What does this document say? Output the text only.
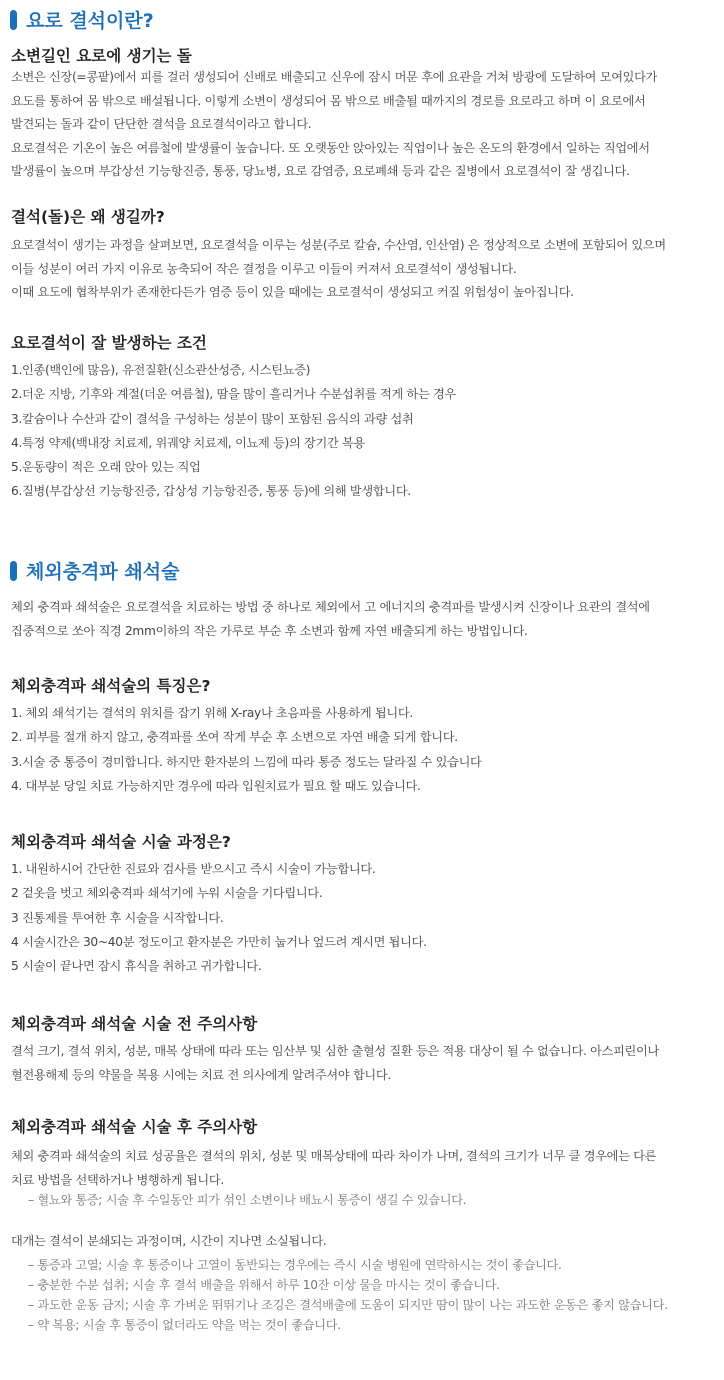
요로 결석이란?
소변길인 요로에 생기는 돌

소변은 신장(=콩팥)에서 피를 걸러 생성되어 신배로 배출되고 신우에 잠시 머문 후에 요관을 거쳐 방광에 도달하여 모여있다가

요도를 통하여 몸 밖으로 배설됩니다. 이렇게 소변이 생성되어 몸 밖으로 배출될 때까지의 경로를 요로라고 하며 이 요로에서

발견되는 돌과 같이 단단한 결석을 요로결석이라고 합니다.

요로결석은 기온이 높은 여름철에 발생률이 높습니다. 또 오랫동안 앉아있는 직업이나 높은 온도의 환경에서 일하는 직업에서

발생률이 높으며 부갑상선 기능항진증, 통풍, 당뇨병, 요로 감염증, 요로폐쇄 등과 같은 질병에서 요로결석이 잘 생깁니다.

결석(돌)은 왜 생길까?

요로결석이 생기는 과정을 살펴보면, 요로결석을 이루는 성분(주로 칼슘, 수산염, 인산염) 은 정상적으로 소변에 포함되어 있으며

이들 성분이 여러 가지 이유로 농축되어 작은 결정을 이루고 이들이 커져서 요로결석이 생성됩니다.

이때 요도에 협착부위가 존재한다든가 염증 등이 있을 때에는 요로결석이 생성되고 커질 위험성이 높아집니다.

요로결석이 잘 발생하는 조건
1.인종(백인에 많음), 유전질환(신소관산성증, 시스틴뇨증)
2.더운 지방, 기후와 계절(더운 여름철), 땀을 많이 흘리거나 수분섭취를 적게 하는 경우
3.칼슘이나 수산과 같이 결석을 구성하는 성분이 많이 포함된 음식의 과량 섭취
4.특정 약제(백내장 치료제, 위궤양 치료제, 이뇨제 등)의 장기간 복용
5.운동량이 적은 오래 앉아 있는 직업
6.질병(부갑상선 기능항진증, 갑상성 기능항진증, 통풍 등)에 의해 발생합니다.
체외충격파 쇄석술

체외 충격파 쇄석술은 요로결석을 치료하는 방법 중 하나로 체외에서 고 에너지의 충격파를 발생시켜 신장이나 요관의 결석에

집중적으로 쏘아 직경 2mm이하의 작은 가루로 부순 후 소변과 함께 자연 배출되게 하는 방법입니다.

체외충격파 쇄석술의 특징은?
1. 체외 쇄석기는 결석의 위치를 잡기 위해 X-ray나 초음파를 사용하게 됩니다.
2. 피부를 절개 하지 않고, 충격파를 쏘여 작게 부순 후 소변으로 자연 배출 되게 합니다.
3.시술 중 통증이 경미합니다. 하지만 환자분의 느낌에 따라 통증 정도는 달라질 수 있습니다
4. 대부분 당일 치료 가능하지만 경우에 따라 입원치료가 필요 할 때도 있습니다.
체외충격파 쇄석술 시술 과정은?
1. 내원하시어 간단한 진료와 검사를 받으시고 즉시 시술이 가능합니다.
2 겉옷을 벗고 체외충격파 쇄석기에 누워 시술을 기다립니다.
3 진통제를 투여한 후 시술을 시작합니다.
4 시술시간은 30~40분 정도이고 환자분은 가만히 눕거나 엎드려 계시면 됩니다.
5 시술이 끝나면 잠시 휴식을 취하고 귀가합니다.
체외충격파 쇄석술 시술 전 주의사항

결석 크기, 결석 위치, 성분, 매복 상태에 따라 또는 임산부 및 심한 출혈성 질환 등은 적용 대상이 될 수 없습니다. 아스피린이나

혈전용해제 등의 약물을 복용 시에는 치료 전 의사에게 알려주셔야 합니다.

체외충격파 쇄석술 시술 후 주의사항

체외 충격파 쇄석술의 치료 성공율은 결석의 위치, 성분 및 매복상태에 따라 차이가 나며, 결석의 크기가 너무 클 경우에는 다른

치료 방법을 선택하거나 병행하게 됩니다.

– 혈뇨와 통증; 시술 후 수일동안 피가 섞인 소변이나 배뇨시 통증이 생길 수 있습니다.
대개는 결석이 분쇄되는 과정이며, 시간이 지나면 소실됩니다.
– 통증과 고열; 시술 후 통증이나 고열이 동반되는 경우에는 즉시 시술 병원에 연락하시는 것이 좋습니다.
– 충분한 수분 섭취; 시술 후 결석 배출을 위해서 하루 10잔 이상 물을 마시는 것이 좋습니다.
– 과도한 운동 금지; 시술 후 가벼운 뛰뛰기나 조깅은 결석배출에 도움이 되지만 땀이 많이 나는 과도한 운동은 좋지 않습니다.
– 약 복용; 시술 후 통증이 없더라도 약을 먹는 것이 좋습니다.
